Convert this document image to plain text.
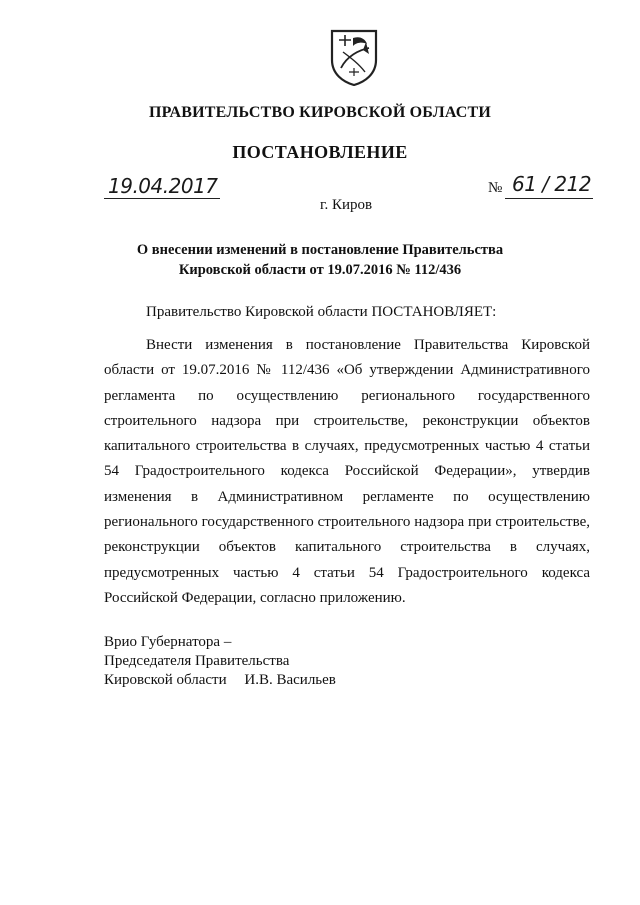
ПРАВИТЕЛЬСТВО КИРОВСКОЙ ОБЛАСТИ
ПОСТАНОВЛЕНИЕ
19.04.2017
г. Киров
№ 61 / 212
О внесении изменений в постановление Правительства
Кировской области от 19.07.2016 № 112/436
Правительство Кировской области ПОСТАНОВЛЯЕТ:
Внести изменения в постановление Правительства Кировской области от 19.07.2016 № 112/436 «Об утверждении Административного регламента по осуществлению регионального государственного строительного надзора при строительстве, реконструкции объектов капитального строительства в случаях, предусмотренных частью 4 статьи 54 Градостроительного кодекса Российской Федерации», утвердив изменения в Административном регламенте по осуществлению регионального государственного строительного надзора при строительстве, реконструкции объектов капитального строительства в случаях, предусмотренных частью 4 статьи 54 Градостроительного кодекса Российской Федерации, согласно приложению.
Врио Губернатора –
Председателя Правительства
Кировской области И.В. Васильев
